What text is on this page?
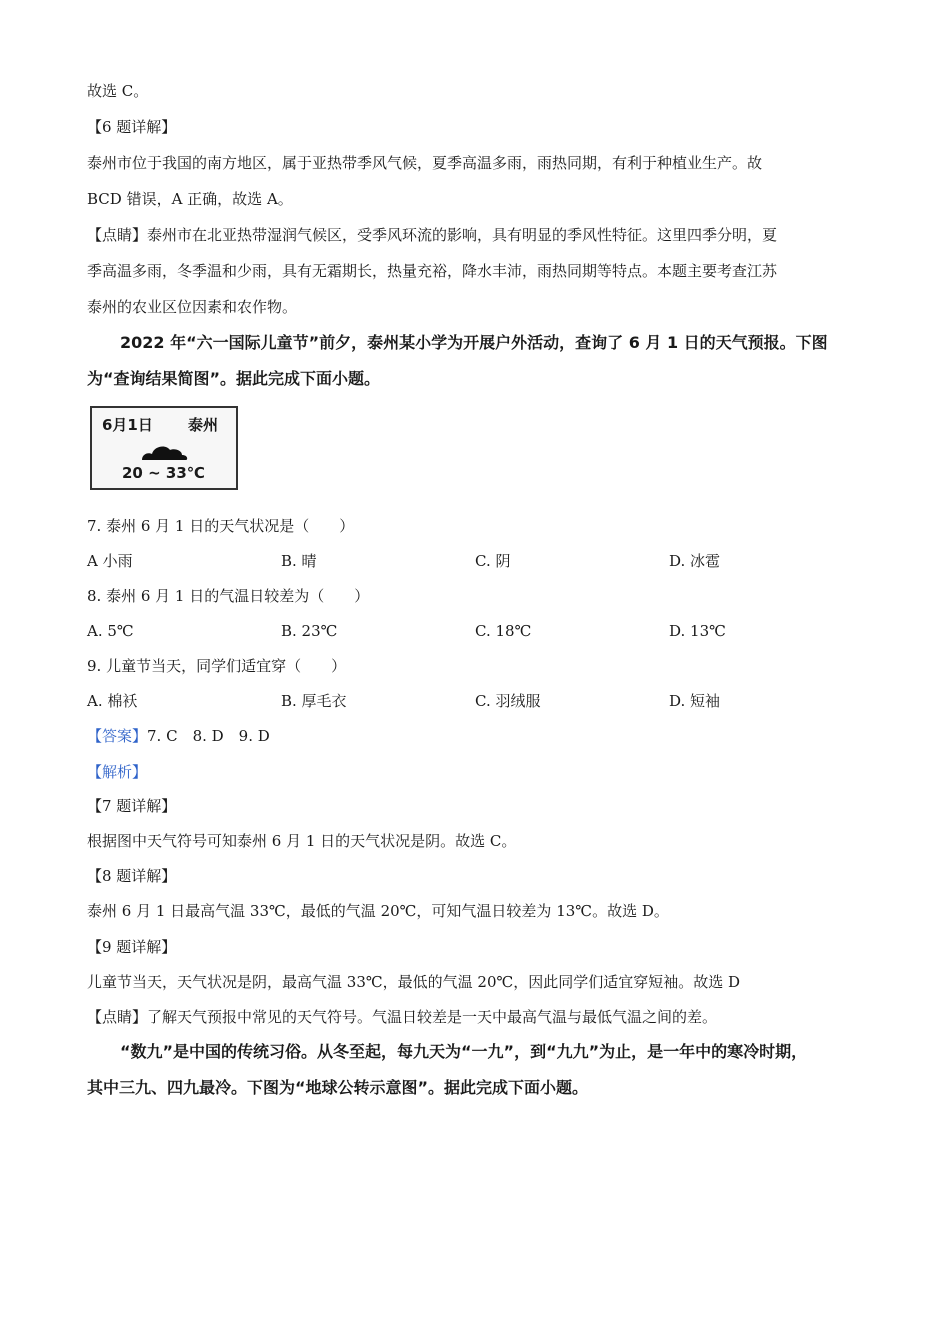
故选 C。
【6 题详解】
泰州市位于我国的南方地区，属于亚热带季风气候，夏季高温多雨，雨热同期，有利于种植业生产。故
BCD 错误，A 正确，故选 A。
【点睛】泰州市在北亚热带湿润气候区，受季风环流的影响，具有明显的季风性特征。这里四季分明，夏
季高温多雨，冬季温和少雨，具有无霜期长，热量充裕，降水丰沛，雨热同期等特点。本题主要考查江苏
泰州的农业区位因素和农作物。
2022 年“六一国际儿童节”前夕，泰州某小学为开展户外活动，查询了 6 月 1 日的天气预报。下图
为“查询结果简图”。据此完成下面小题。
6月1日 泰州
20 ~ 33℃
7. 泰州 6 月 1 日的天气状况是（　　）
A 小雨	B. 晴	C. 阴	D. 冰雹
8. 泰州 6 月 1 日的气温日较差为（　　）
A. 5℃	B. 23℃	C. 18℃	D. 13℃
9. 儿童节当天，同学们适宜穿（　　）
A. 棉袄	B. 厚毛衣	C. 羽绒服	D. 短袖
【答案】7. C　8. D　9. D
【解析】
【7 题详解】
根据图中天气符号可知泰州 6 月 1 日的天气状况是阴。故选 C。
【8 题详解】
泰州 6 月 1 日最高气温 33℃，最低的气温 20℃，可知气温日较差为 13℃。故选 D。
【9 题详解】
儿童节当天，天气状况是阴，最高气温 33℃，最低的气温 20℃，因此同学们适宜穿短袖。故选 D
【点睛】了解天气预报中常见的天气符号。气温日较差是一天中最高气温与最低气温之间的差。
“数九”是中国的传统习俗。从冬至起，每九天为“一九”，到“九九”为止，是一年中的寒冷时期，
其中三九、四九最冷。下图为“地球公转示意图”。据此完成下面小题。
